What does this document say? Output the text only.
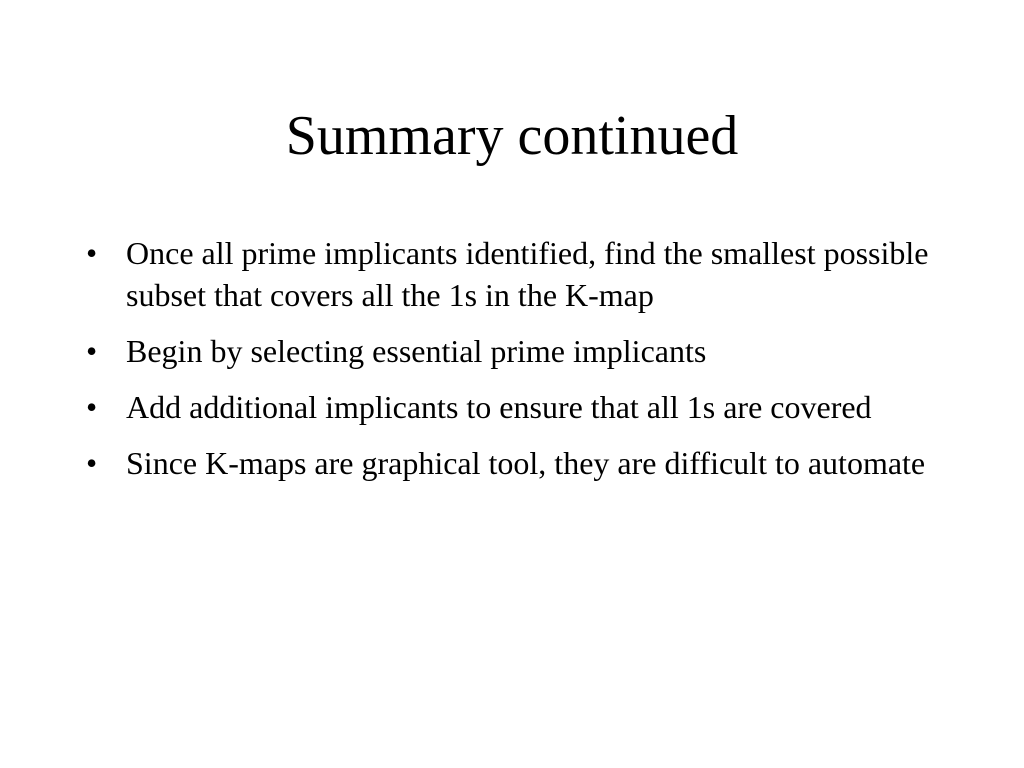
Summary continued
• Once all prime implicants identified, find the smallest possible subset that covers all the 1s in the K-map
• Begin by selecting essential prime implicants
• Add additional implicants to ensure that all 1s are covered
• Since K-maps are graphical tool, they are difficult to automate
